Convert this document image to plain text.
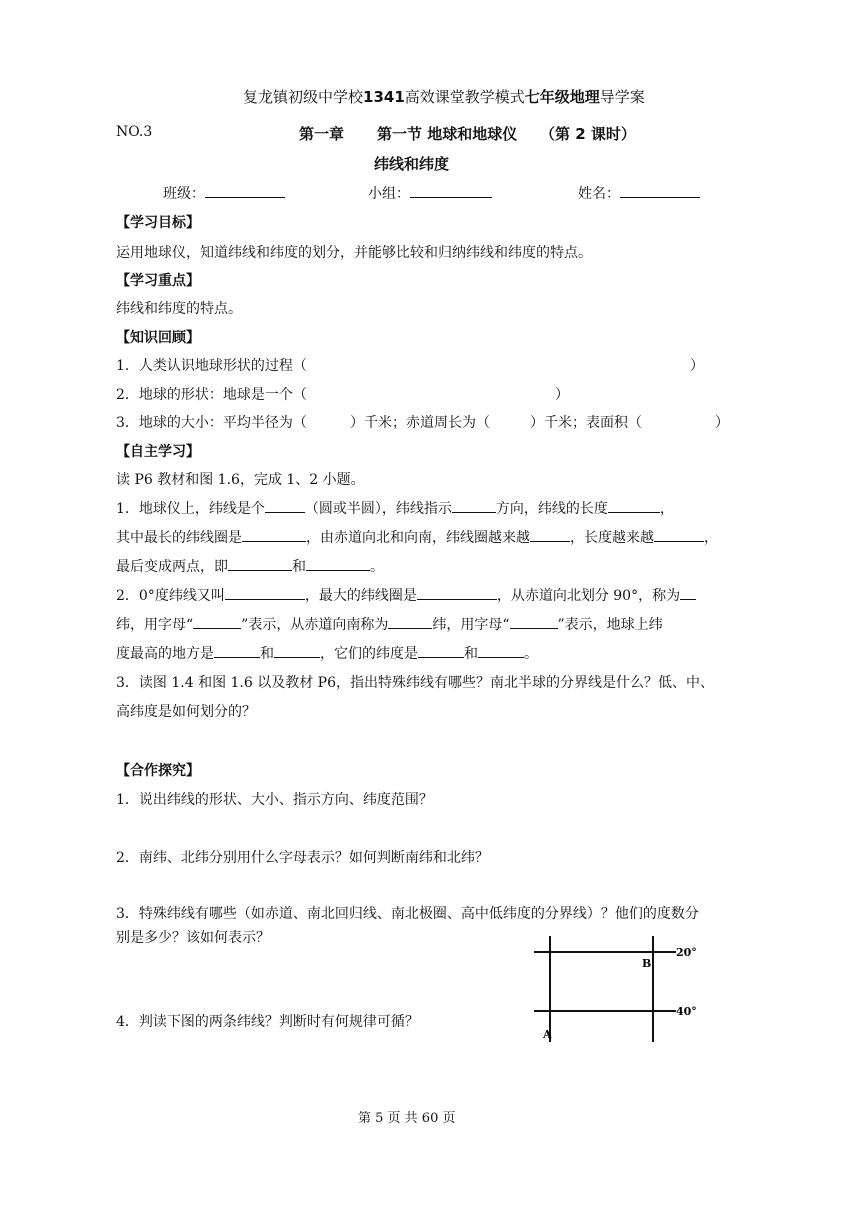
复龙镇初级中学校1341高效课堂教学模式七年级地理导学案
NO.3	第一章 第一节 地球和地球仪 （第 2 课时）
纬线和纬度
班级：	小组：	姓名：
【学习目标】
运用地球仪，知道纬线和纬度的划分，并能够比较和归纳纬线和纬度的特点。
【学习重点】
纬线和纬度的特点。
【知识回顾】
1．人类认识地球形状的过程（	）
2．地球的形状：地球是一个（	）
3．地球的大小：平均半径为（	）千米；赤道周长为（	）千米；表面积（	）
【自主学习】
读 P6 教材和图 1.6，完成 1、2 小题。
1．地球仪上，纬线是个	（圆或半圆），纬线指示	方向，纬线的长度	，
其中最长的纬线圈是	，由赤道向北和向南，纬线圈越来越	，长度越来越	，
最后变成两点，即	和	。
2．0°度纬线又叫	，最大的纬线圈是	，从赤道向北划分 90°，称为
纬，用字母“	”表示，从赤道向南称为	纬，用字母“	”表示，地球上纬
度最高的地方是	和	，它们的纬度是	和	。
3．读图 1.4 和图 1.6 以及教材 P6，指出特殊纬线有哪些？南北半球的分界线是什么？低、中、
高纬度是如何划分的？
【合作探究】
1．说出纬线的形状、大小、指示方向、纬度范围？
2．南纬、北纬分别用什么字母表示？如何判断南纬和北纬？
3．特殊纬线有哪些（如赤道、南北回归线、南北极圈、高中低纬度的分界线）？他们的度数分
别是多少？该如何表示？
4．判读下图的两条纬线？判断时有何规律可循？
20°
40°
B
A
第 5 页 共 60 页
